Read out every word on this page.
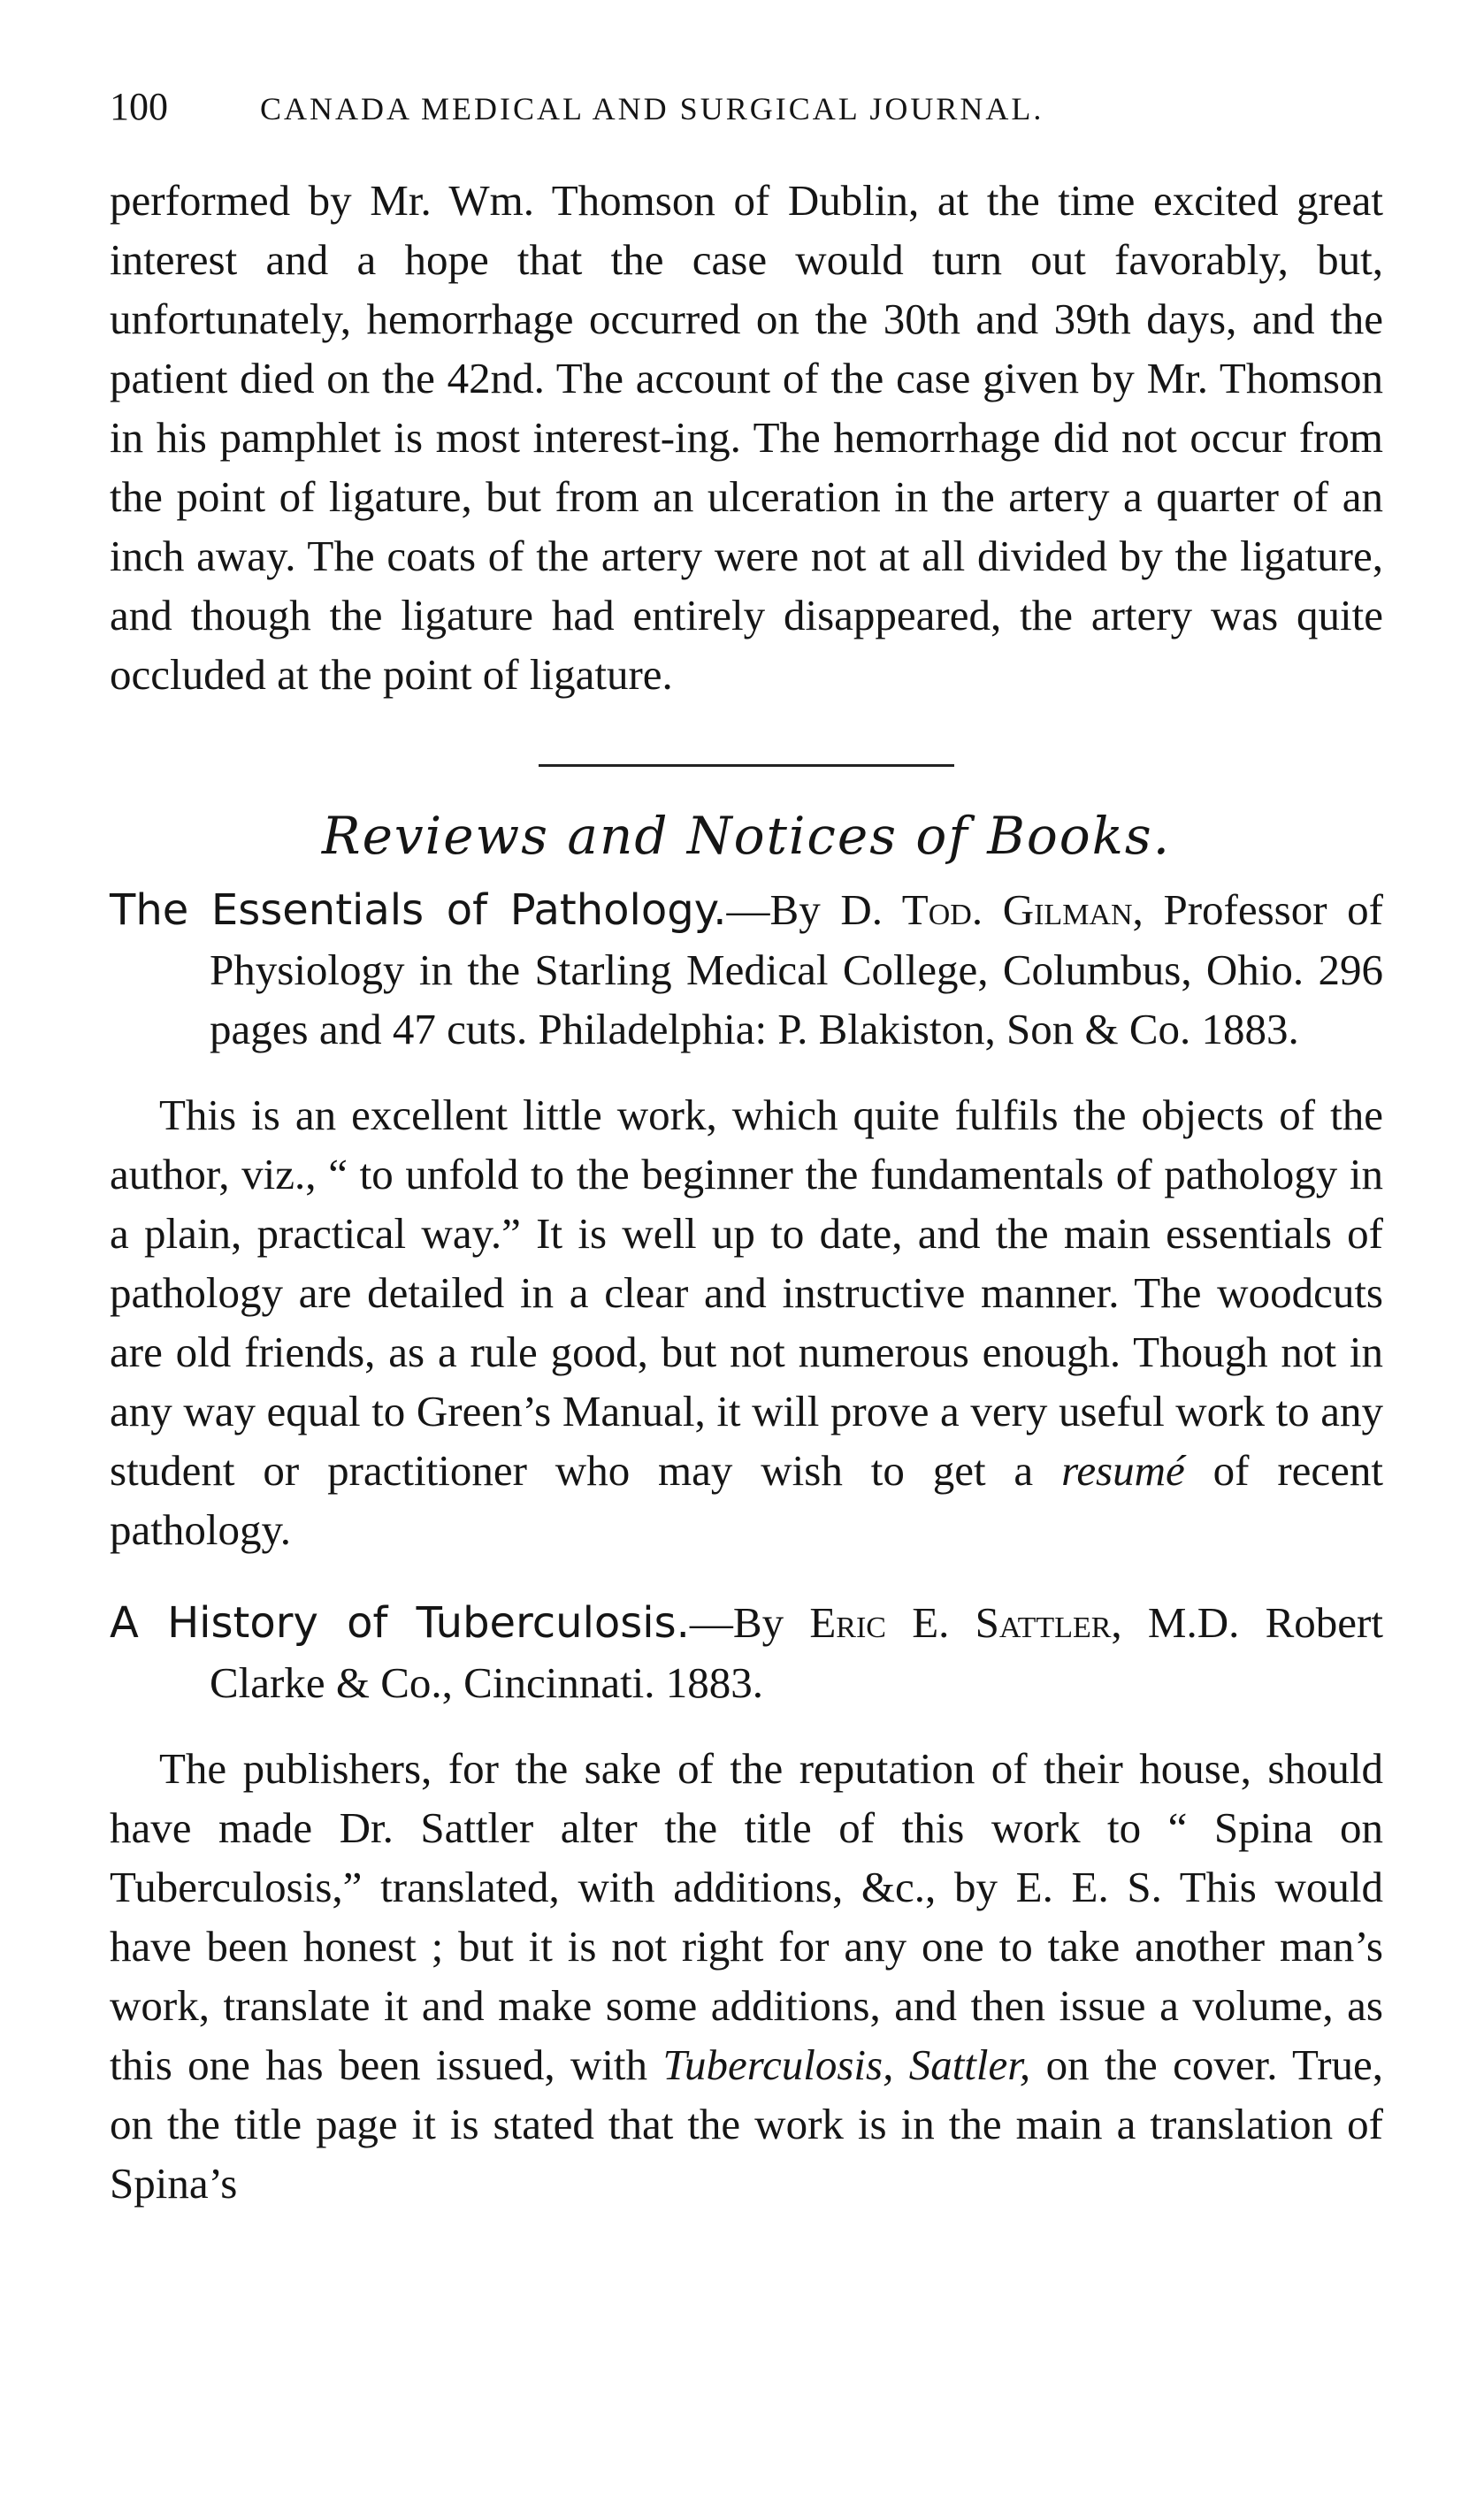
100	CANADA MEDICAL AND SURGICAL JOURNAL.

performed by Mr. Wm. Thomson of Dublin, at the time excited great interest and a hope that the case would turn out favorably, but, unfortunately, hemorrhage occurred on the 30th and 39th days, and the patient died on the 42nd. The account of the case given by Mr. Thomson in his pamphlet is most interest-ing. The hemorrhage did not occur from the point of ligature, but from an ulceration in the artery a quarter of an inch away. The coats of the artery were not at all divided by the ligature, and though the ligature had entirely disappeared, the artery was quite occluded at the point of ligature.

Reviews and Notices of Books.
The Essentials of Pathology.—By D. Tod. Gilman, Professor of Physiology in the Starling Medical College, Columbus, Ohio. 296 pages and 47 cuts. Philadelphia: P. Blakiston, Son & Co. 1883.

This is an excellent little work, which quite fulfils the objects of the author, viz., “ to unfold to the beginner the fundamentals of pathology in a plain, practical way.” It is well up to date, and the main essentials of pathology are detailed in a clear and instructive manner. The woodcuts are old friends, as a rule good, but not numerous enough. Though not in any way equal to Green’s Manual, it will prove a very useful work to any student or practitioner who may wish to get a resumé of recent pathology.

A History of Tuberculosis.—By Eric E. Sattler, M.D. Robert Clarke & Co., Cincinnati. 1883.

The publishers, for the sake of the reputation of their house, should have made Dr. Sattler alter the title of this work to “ Spina on Tuberculosis,” translated, with additions, &c., by E. E. S. This would have been honest ; but it is not right for any one to take another man’s work, translate it and make some additions, and then issue a volume, as this one has been issued, with Tuberculosis, Sattler, on the cover. True, on the title page it is stated that the work is in the main a translation of Spina’s
